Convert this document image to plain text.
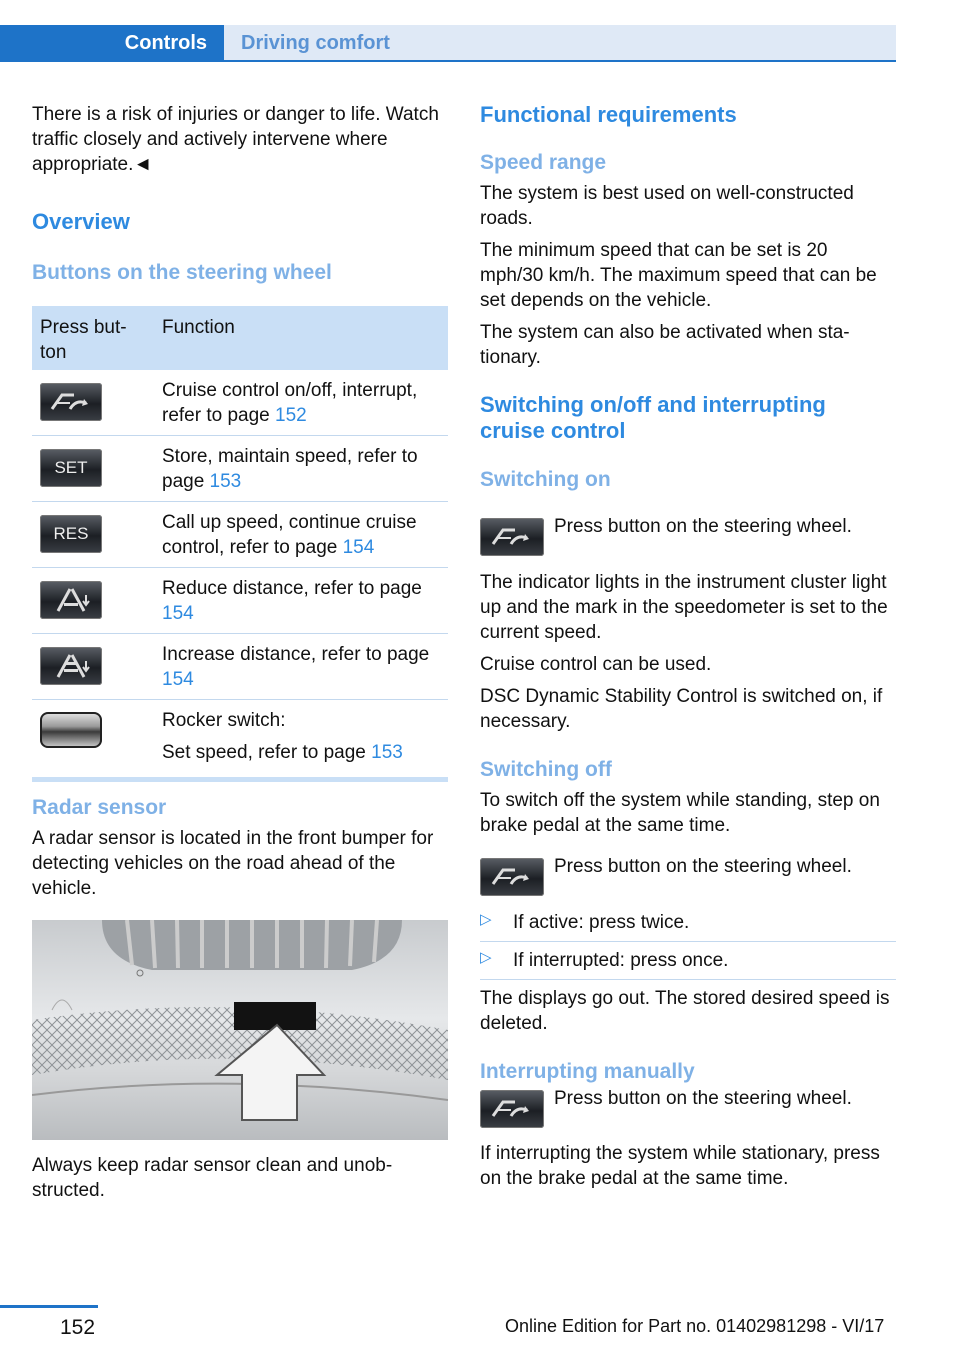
Controls Driving comfort

There is a risk of injuries or danger to life. Watch traffic closely and actively intervene where appropriate.◄

Overview
Buttons on the steering wheel
Press but-
ton
Function
Cruise control on/off, interrupt, refer to page 152
SET
Store, maintain speed, refer to page 153
RES
Call up speed, continue cruise control, refer to page 154
Reduce distance, refer to page 154
Increase distance, refer to page 154
Rocker switch:
Set speed, refer to page 153
Radar sensor

A radar sensor is located in the front bumper for detecting vehicles on the road ahead of the vehicle.

Always keep radar sensor clean and unob-structed.

Functional requirements
Speed range

The system is best used on well-constructed roads.

The minimum speed that can be set is 20 mph/30 km/h. The maximum speed that can be set depends on the vehicle.

The system can also be activated when sta-tionary.

Switching on/off and interrupting cruise control
Switching on

Press button on the steering wheel.

The indicator lights in the instrument cluster light up and the mark in the speedometer is set to the current speed.

Cruise control can be used.

DSC Dynamic Stability Control is switched on, if necessary.

Switching off

To switch off the system while standing, step on brake pedal at the same time.

Press button on the steering wheel.

▷ If active: press twice.
▷ If interrupted: press once.

The displays go out. The stored desired speed is deleted.

Interrupting manually

Press button on the steering wheel.

If interrupting the system while stationary, press on the brake pedal at the same time.

152	Online Edition for Part no. 01402981298 - VI/17
